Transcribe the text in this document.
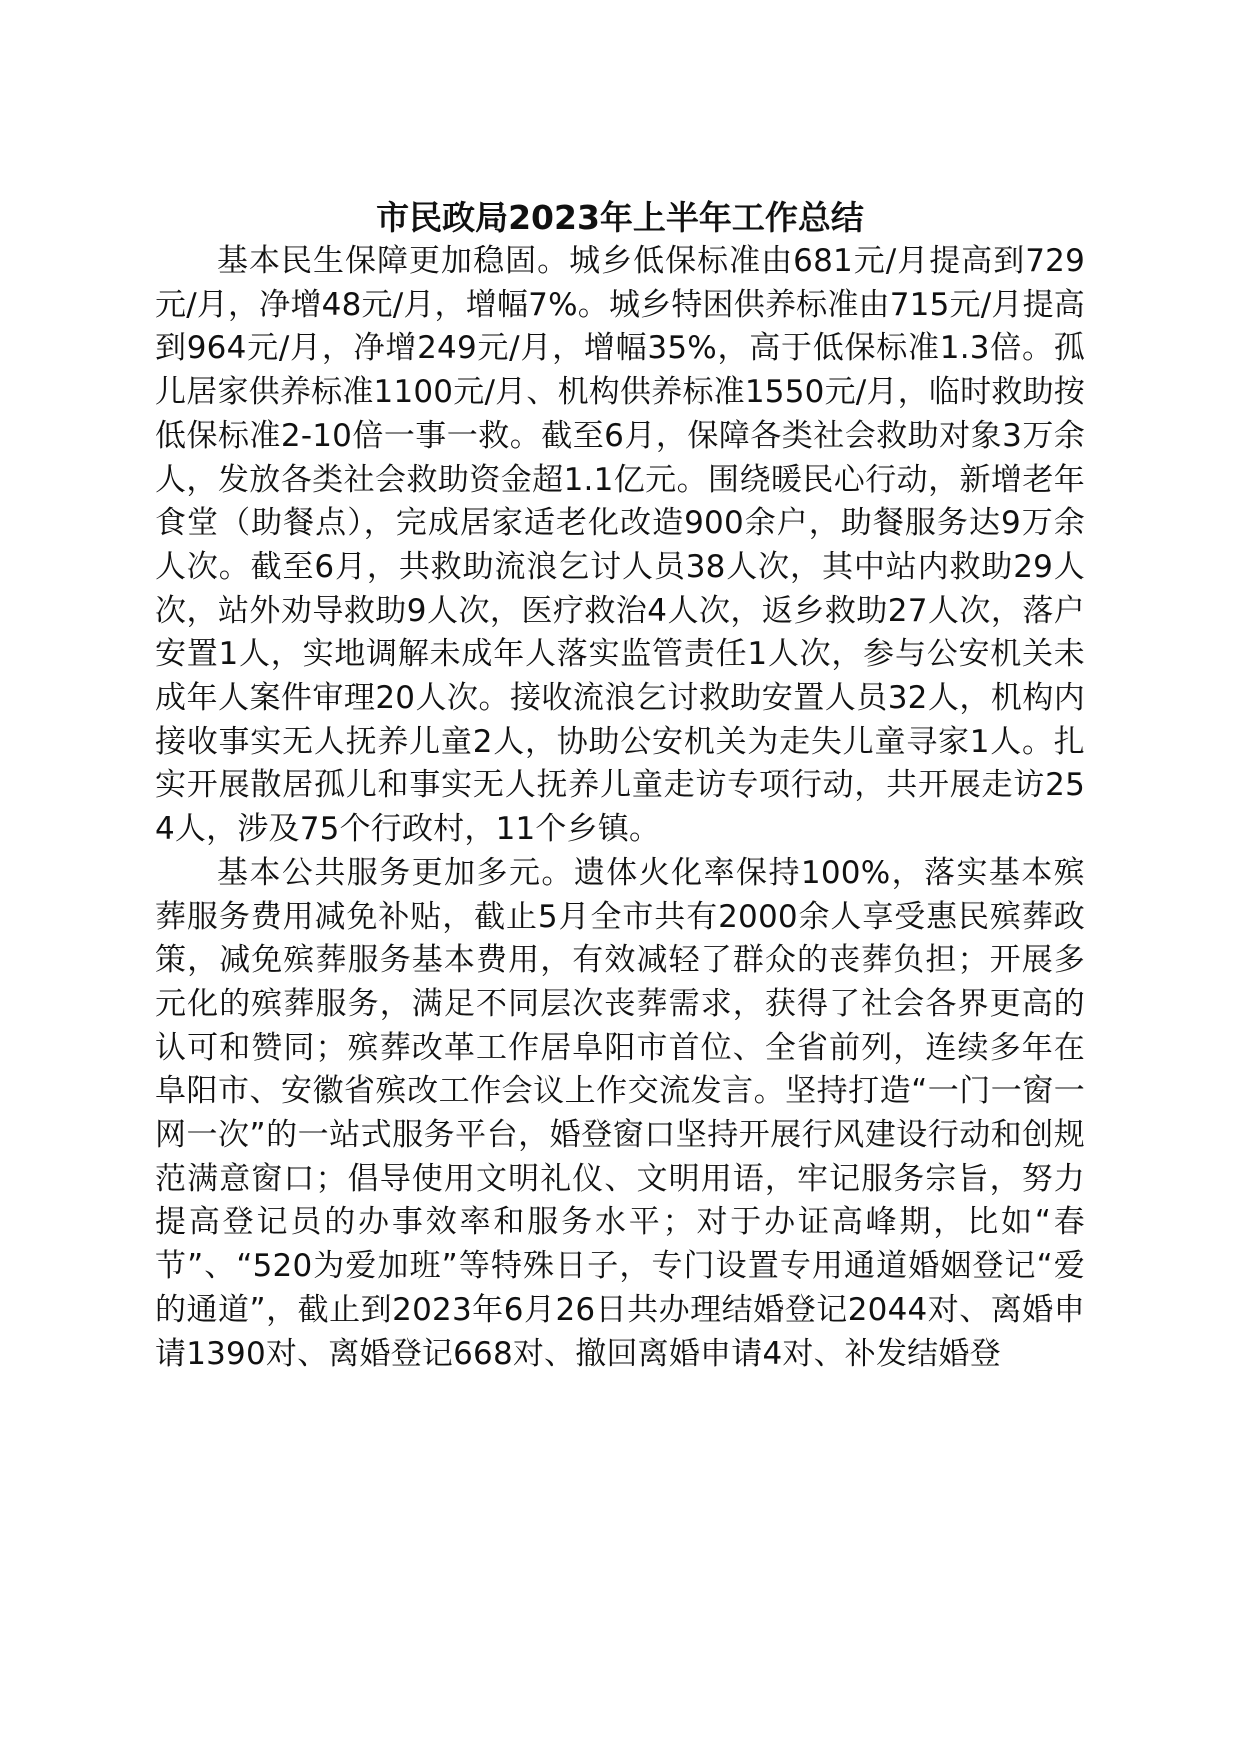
市民政局2023年上半年工作总结

基本民生保障更加稳固。城乡低保标准由681元/月提高到729元/月，净增48元/月，增幅7%。城乡特困供养标准由715元/月提高到964元/月，净增249元/月，增幅35%，高于低保标准1.3倍。孤儿居家供养标准1100元/月、机构供养标准1550元/月，临时救助按低保标准2-10倍一事一救。截至6月，保障各类社会救助对象3万余人，发放各类社会救助资金超1.1亿元。围绕暖民心行动，新增老年食堂（助餐点），完成居家适老化改造900余户，助餐服务达9万余人次。截至6月，共救助流浪乞讨人员38人次，其中站内救助29人次，站外劝导救助9人次，医疗救治4人次，返乡救助27人次，落户安置1人，实地调解未成年人落实监管责任1人次，参与公安机关未成年人案件审理20人次。接收流浪乞讨救助安置人员32人，机构内接收事实无人抚养儿童2人，协助公安机关为走失儿童寻家1人。扎实开展散居孤儿和事实无人抚养儿童走访专项行动，共开展走访254人，涉及75个行政村，11个乡镇。

基本公共服务更加多元。遗体火化率保持100%，落实基本殡葬服务费用减免补贴，截止5月全市共有2000余人享受惠民殡葬政策，减免殡葬服务基本费用，有效减轻了群众的丧葬负担；开展多元化的殡葬服务，满足不同层次丧葬需求，获得了社会各界更高的认可和赞同；殡葬改革工作居阜阳市首位、全省前列，连续多年在阜阳市、安徽省殡改工作会议上作交流发言。坚持打造“一门一窗一网一次”的一站式服务平台，婚登窗口坚持开展行风建设行动和创规范满意窗口；倡导使用文明礼仪、文明用语，牢记服务宗旨，努力提高登记员的办事效率和服务水平；对于办证高峰期，比如“春节”、“520为爱加班”等特殊日子，专门设置专用通道婚姻登记“爱的通道”，截止到2023年6月26日共办理结婚登记2044对、离婚申请1390对、离婚登记668对、撤回离婚申请4对、补发结婚登
